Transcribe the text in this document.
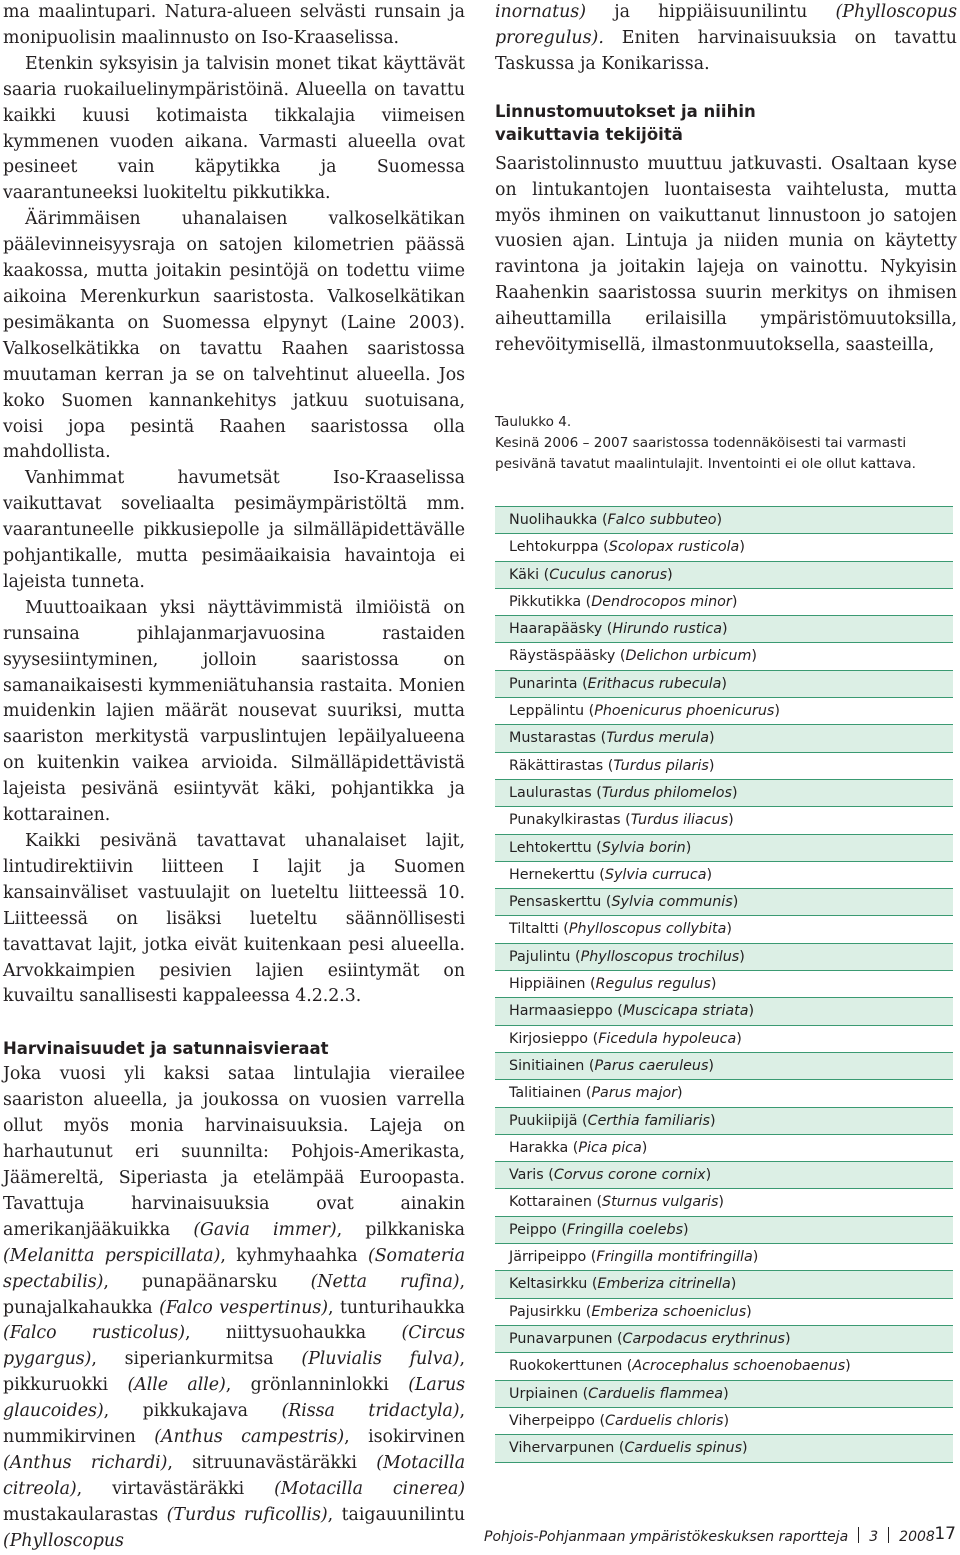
ma maalintupari. Natura-alueen selvästi runsain ja monipuolisin maalinnusto on Iso-Kraaselissa.

Etenkin syksyisin ja talvisin monet tikat käyttävät saaria ruokailuelinympäristöinä. Alueella on tavattu kaikki kuusi kotimaista tikkalajia viimeisen kymmenen vuoden aikana. Varmasti alueella ovat pesineet vain käpytikka ja Suomessa vaarantuneeksi luokiteltu pikkutikka.

Äärimmäisen uhanalaisen valkoselkätikan päälevinneisyysraja on satojen kilometrien päässä kaakossa, mutta joitakin pesintöjä on todettu viime aikoina Merenkurkun saaristosta. Valkoselkätikan pesimäkanta on Suomessa elpynyt (Laine 2003). Valkoselkätikka on tavattu Raahen saaristossa muutaman kerran ja se on talvehtinut alueella. Jos koko Suomen kannankehitys jatkuu suotuisana, voisi jopa pesintä Raahen saaristossa olla mahdollista.

Vanhimmat havumetsät Iso-Kraaselissa vaikuttavat soveliaalta pesimäympäristöltä mm. vaarantuneelle pikkusiepolle ja silmälläpidettävälle pohjantikalle, mutta pesimäaikaisia havaintoja ei lajeista tunneta.

Muuttoaikaan yksi näyttävimmistä ilmiöistä on runsaina pihlajanmarjavuosina rastaiden syysesiintyminen, jolloin saaristossa on samanaikaisesti kymmeniätuhansia rastaita. Monien muidenkin lajien määrät nousevat suuriksi, mutta saariston merkitystä varpuslintujen lepäilyalueena on kuitenkin vaikea arvioida. Silmälläpidettävistä lajeista pesivänä esiintyvät käki, pohjantikka ja kottarainen.

Kaikki pesivänä tavattavat uhanalaiset lajit, lintudirektiivin liitteen I lajit ja Suomen kansainväliset vastuulajit on lueteltu liitteessä 10. Liitteessä on lisäksi lueteltu säännöllisesti tavattavat lajit, jotka eivät kuitenkaan pesi alueella. Arvokkaimpien pesivien lajien esiintymät on kuvailtu sanallisesti kappaleessa 4.2.2.3.

Harvinaisuudet ja satunnaisvieraat

Joka vuosi yli kaksi sataa lintulajia vierailee saariston alueella, ja joukossa on vuosien varrella ollut myös monia harvinaisuuksia. Lajeja on harhautunut eri suunnilta: Pohjois-Amerikasta, Jäämereltä, Siperiasta ja etelämpää Euroopasta. Tavattuja harvinaisuuksia ovat ainakin amerikanjääkuikka (Gavia immer), pilkkaniska (Melanitta perspicillata), kyhmyhaahka (Somateria spectabilis), punapäänarsku (Netta rufina), punajalkahaukka (Falco vespertinus), tunturihaukka (Falco rusticolus), niittysuohaukka (Circus pygargus), siperiankurmitsa (Pluvialis fulva), pikkuruokki (Alle alle), grönlanninlokki (Larus glaucoides), pikkukajava (Rissa tridactyla), nummikirvinen (Anthus campestris), isokirvinen (Anthus richardi), sitruunavästäräkki (Motacilla citreola), virtavästäräkki (Motacilla cinerea) mustakaularastas (Turdus ruficollis), taigauunilintu (Phylloscopus

inornatus) ja hippiäisuunilintu (Phylloscopus proregulus). Eniten harvinaisuuksia on tavattu Taskussa ja Konikarissa.

Linnustomuutokset ja niihin
vaikuttavia tekijöitä

Saaristolinnusto muuttuu jatkuvasti. Osaltaan kyse on lintukantojen luontaisesta vaihtelusta, mutta myös ihminen on vaikuttanut linnustoon jo satojen vuosien ajan. Lintuja ja niiden munia on käytetty ravintona ja joitakin lajeja on vainottu. Nykyisin Raahenkin saaristossa suurin merkitys on ihmisen aiheuttamilla erilaisilla ympäristömuutoksilla, rehevöitymisellä, ilmastonmuutoksella, saasteilla,

Taulukko 4.
Kesinä 2006 – 2007 saaristossa todennäköisesti tai varmasti pesivänä tavatut maalintulajit. Inventointi ei ole ollut kattava.
Nuolihaukka (Falco subbuteo)
Lehtokurppa (Scolopax rusticola)
Käki (Cuculus canorus)
Pikkutikka (Dendrocopos minor)
Haarapääsky (Hirundo rustica)
Räystäspääsky (Delichon urbicum)
Punarinta (Erithacus rubecula)
Leppälintu (Phoenicurus phoenicurus)
Mustarastas (Turdus merula)
Räkättirastas (Turdus pilaris)
Laulurastas (Turdus philomelos)
Punakylkirastas (Turdus iliacus)
Lehtokerttu (Sylvia borin)
Hernekerttu (Sylvia curruca)
Pensaskerttu (Sylvia communis)
Tiltaltti (Phylloscopus collybita)
Pajulintu (Phylloscopus trochilus)
Hippiäinen (Regulus regulus)
Harmaasieppo (Muscicapa striata)
Kirjosieppo (Ficedula hypoleuca)
Sinitiainen (Parus caeruleus)
Talitiainen (Parus major)
Puukiipijä (Certhia familiaris)
Harakka (Pica pica)
Varis (Corvus corone cornix)
Kottarainen (Sturnus vulgaris)
Peippo (Fringilla coelebs)
Järripeippo (Fringilla montifringilla)
Keltasirkku (Emberiza citrinella)
Pajusirkku (Emberiza schoeniclus)
Punavarpunen (Carpodacus erythrinus)
Ruokokerttunen (Acrocephalus schoenobaenus)
Urpiainen (Carduelis flammea)
Viherpeippo (Carduelis chloris)
Vihervarpunen (Carduelis spinus)
Pohjois-Pohjanmaan ympäristökeskuksen raportteja 3 2008 17
